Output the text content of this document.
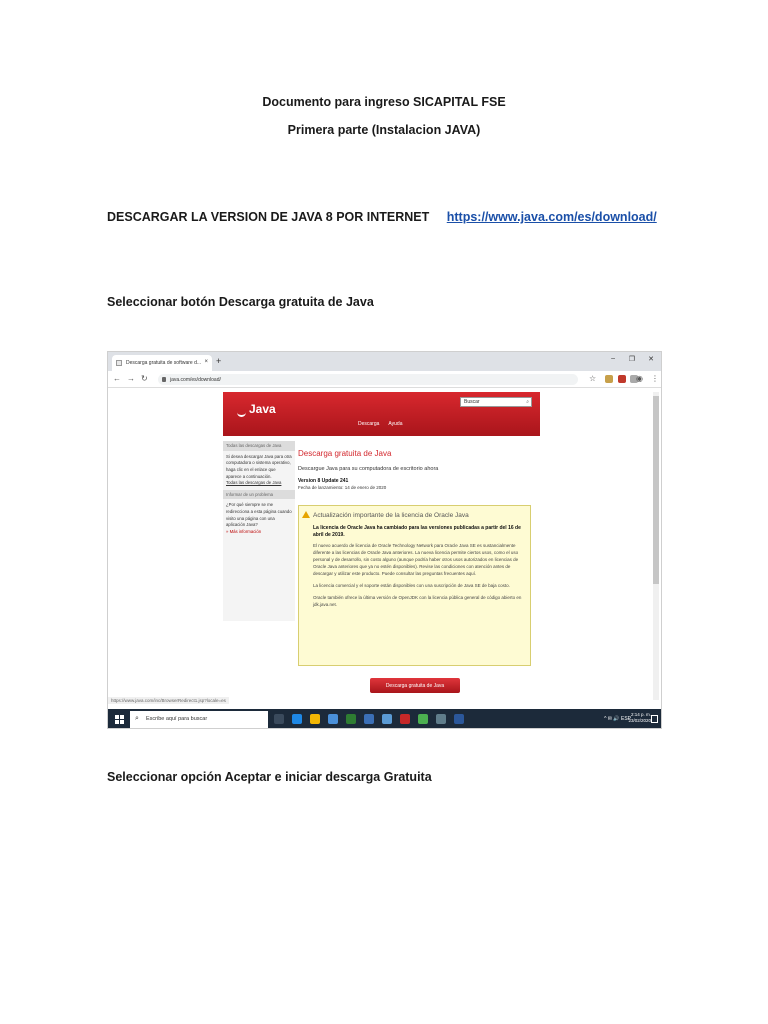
Documento para ingreso SICAPITAL FSE
Primera parte (Instalacion JAVA)
DESCARGAR LA VERSION DE JAVA 8 POR INTERNET https://www.java.com/es/download/
Seleccionar botón Descarga gratuita de Java
Descarga gratuita de software d... × +	– ❐ ✕
← → ↻	java.com/es/download/	☆	◉ ⋮
Java	Buscar	⌕
Descarga Ayuda
Todas las descargas de Java
Si desea descargar Java para otra computadora o sistema operativo, haga clic en el enlace que aparece a continuación.
Todas las descargas de Java
Informar de un problema
¿Por qué siempre se me redirecciona a esta página cuando visito una página con una aplicación Java?
» Más información
Descarga gratuita de Java
Descargue Java para su computadora de escritorio ahora
Version 8 Update 241
Fecha de lanzamiento: 14 de enero de 2020
Actualización importante de la licencia de Oracle Java
La licencia de Oracle Java ha cambiado para las versiones publicadas a partir del 16 de abril de 2019.
El nuevo acuerdo de licencia de Oracle Technology Network para Oracle Java SE es sustancialmente diferente a las licencias de Oracle Java anteriores. La nueva licencia permite ciertos usos, como el uso personal y de desarrollo, sin costo alguno (aunque podría haber otros usos autorizados en licencias de Oracle Java anteriores que ya no estén disponibles). Revise las condiciones con atención antes de descargar y utilizar este producto. Puede consultar las preguntas frecuentes aquí.
La licencia comercial y el soporte están disponibles con una suscripción de Java SE de baja costo.
Oracle también ofrece la última versión de OpenJDK con la licencia pública general de código abierto en jdk.java.net.
Descarga gratuita de Java
https://www.java.com/inc/BrowserRedirect1.jsp?locale=es
⌕ Escribe aquí para buscar	^ ✉ 🔊 ESP
2:14 p. m.
23/02/2020
Seleccionar opción Aceptar e iniciar descarga Gratuita
